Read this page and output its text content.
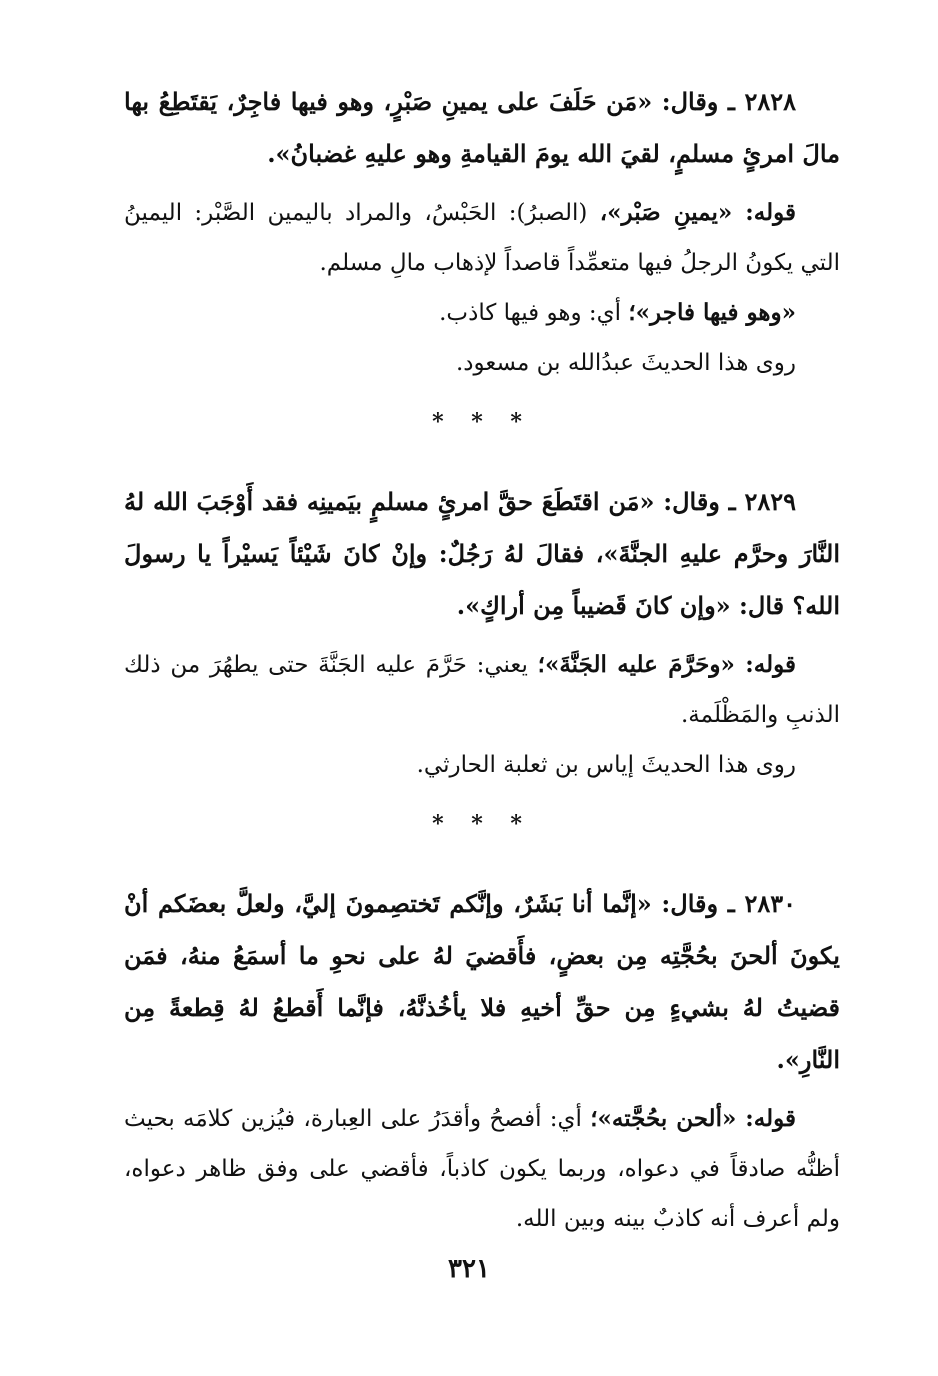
٢٨٢٨ ـ وقال: «مَن حَلَفَ على يمينِ صَبْرٍ، وهو فيها فاجِرٌ، يَقتَطِعُ بها مالَ امرئٍ مسلمٍ، لقيَ الله يومَ القيامةِ وهو عليهِ غضبانُ».

قوله: «يمينِ صَبْر»، (الصبرُ): الحَبْسُ، والمراد باليمين الصَّبْر: اليمينُ التي يكونُ الرجلُ فيها متعمِّداً قاصداً لإذهاب مالِ مسلم.

«وهو فيها فاجر»؛ أي: وهو فيها كاذب.

روى هذا الحديثَ عبدُالله بن مسعود.

* * *

٢٨٢٩ ـ وقال: «مَن اقتَطَعَ حقَّ امرئٍ مسلمٍ بيَمينِه فقد أَوْجَبَ الله لهُ النَّارَ وحرَّم عليهِ الجنَّةَ»، فقالَ لهُ رَجُلٌ: وإنْ كانَ شَيْئاً يَسيْراً يا رسولَ الله؟ قال: «وإن كانَ قَضيباً مِن أراكٍ».

قوله: «وحَرَّمَ عليه الجَنَّةَ»؛ يعني: حَرَّمَ عليه الجَنَّةَ حتى يطهُرَ من ذلك الذنبِ والمَظْلَمة.

روى هذا الحديثَ إياس بن ثعلبة الحارثي.

* * *

٢٨٣٠ ـ وقال: «إنَّما أنا بَشَرٌ، وإنَّكم تَختصِمونَ إليَّ، ولعلَّ بعضَكم أنْ يكونَ ألحنَ بحُجَّتِه مِن بعضٍ، فأَقضيَ لهُ على نحوِ ما أسمَعُ منهُ، فمَن قضيتُ لهُ بشيءٍ مِن حقِّ أخيهِ فلا يأخُذنَّهُ، فإنَّما أَقطعُ لهُ قِطعةً مِن النَّارِ».

قوله: «ألحن بحُجَّته»؛ أي: أفصحُ وأقدَرُ على العِبارة، فيُزين كلامَه بحيث أظنُّه صادقاً في دعواه، وربما يكون كاذباً، فأقضي على وفق ظاهر دعواه، ولم أعرف أنه كاذبٌ بينه وبين الله.

٣٢١
